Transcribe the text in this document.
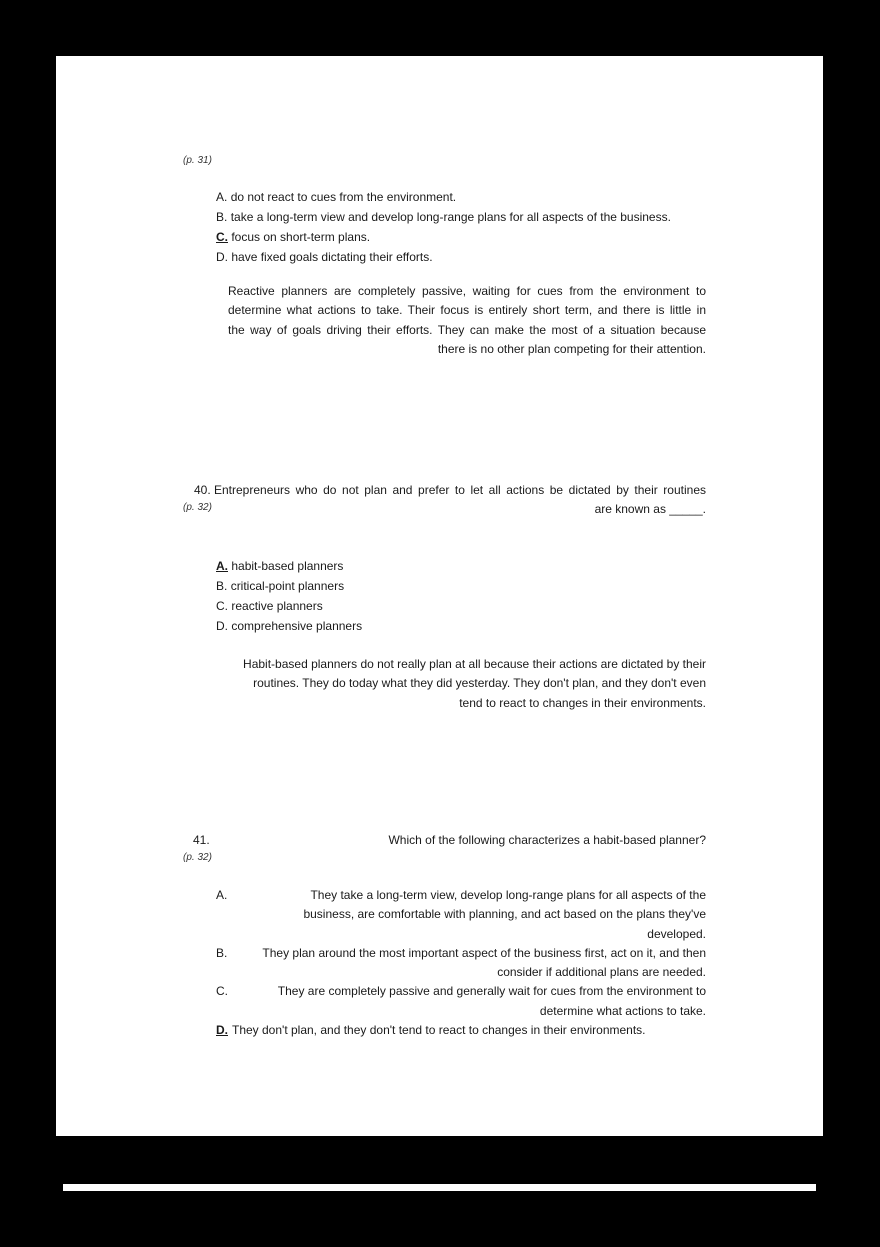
(p. 31)
A. do not react to cues from the environment.
B. take a long-term view and develop long-range plans for all aspects of the business.
C. focus on short-term plans.
D. have fixed goals dictating their efforts.
Reactive planners are completely passive, waiting for cues from the environment to
determine what actions to take. Their focus is entirely short term, and there is little in
the way of goals driving their efforts. They can make the most of a situation because
there is no other plan competing for their attention.
40. Entrepreneurs who do not plan and prefer to let all actions be dictated by their routines
are known as _____.
(p. 32)
A. habit-based planners
B. critical-point planners
C. reactive planners
D. comprehensive planners
Habit-based planners do not really plan at all because their actions are dictated by their
routines. They do today what they did yesterday. They don't plan, and they don't even
tend to react to changes in their environments.
41.	Which of the following characterizes a habit-based planner?
(p. 32)
A.
B.
C.
D.
They take a long-term view, develop long-range plans for all aspects of the
business, are comfortable with planning, and act based on the plans they've
developed.
They plan around the most important aspect of the business first, act on it, and then
consider if additional plans are needed.
They are completely passive and generally wait for cues from the environment to
determine what actions to take.
They don't plan, and they don't tend to react to changes in their environments.
